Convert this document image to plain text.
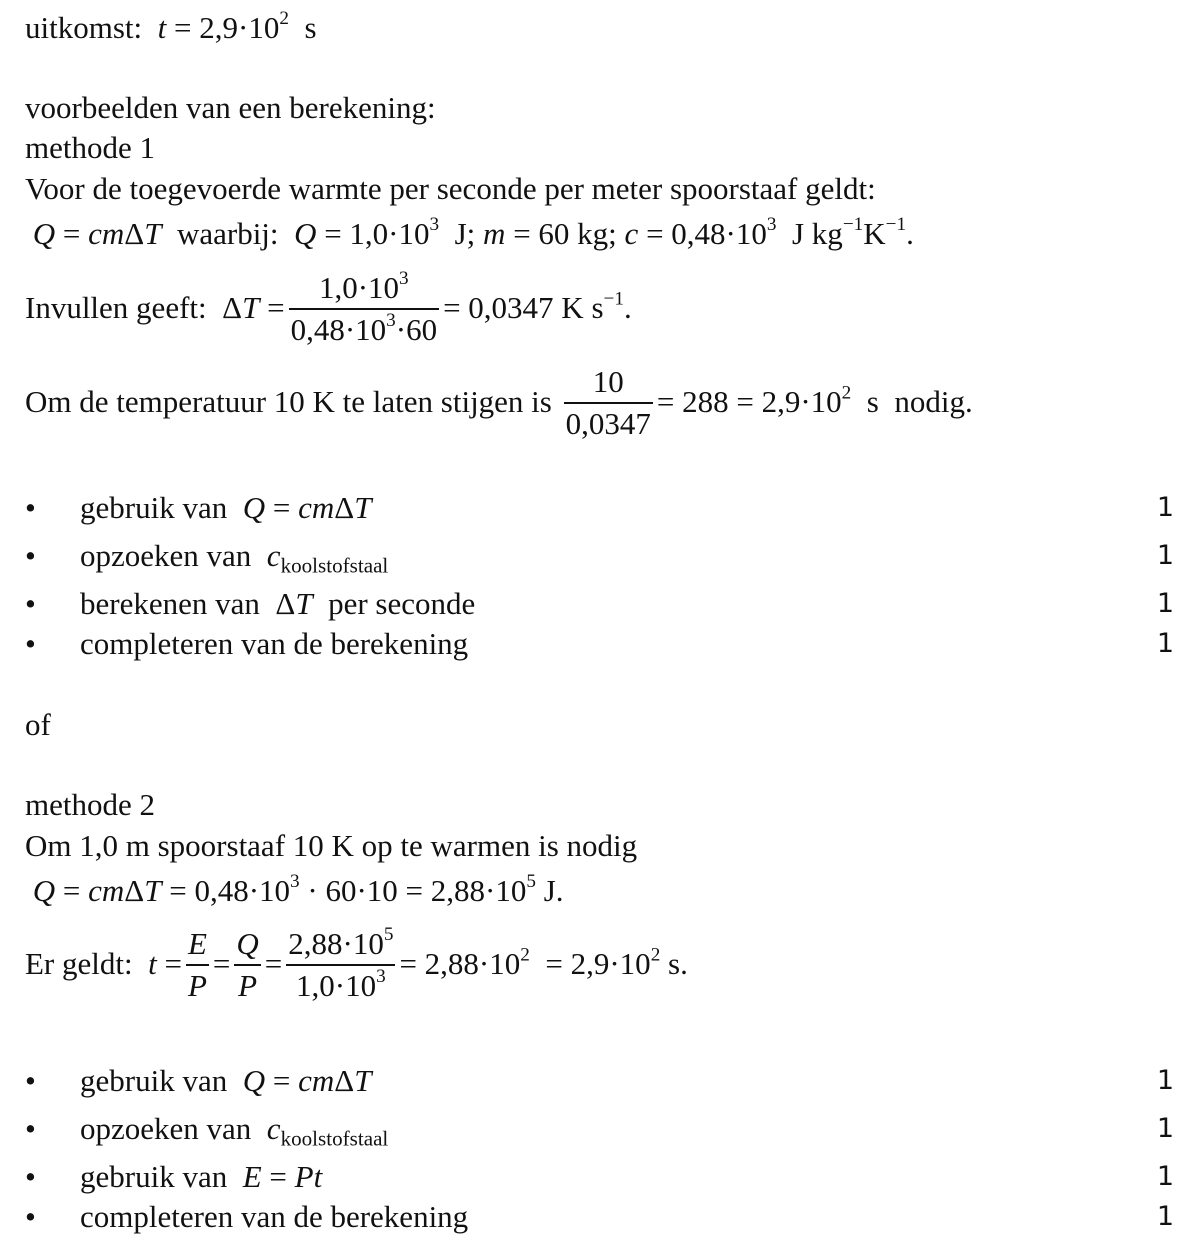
uitkomst: $t = 2,9\cdot 10^2$  s
voorbeelden van een berekening:
methode 1
Voor de toegevoerde warmte per seconde per meter spoorstaaf geldt:
Q = cmΔT  waarbij:  $Q = 1,0\cdot 10^3$  J; m = 60 kg; $c = 0,48\cdot 10^3$  J $kg^{-1}K^{-1}$.
Invullen geeft:  $\Delta T = \frac{1,0\cdot 10^3}{0,48\cdot 10^3\cdot 60} = 0,0347$ K $s^{-1}$.
Om de temperatuur 10 K te laten stijgen is $\frac{10}{0,0347} = 288 = 2,9\cdot 10^2$  s  nodig.
• gebruik van  Q = cmΔT	1
• opzoeken van  $c_{koolstofstaal}$	1
• berekenen van  ΔT  per seconde	1
• completeren van de berekening	1
of
methode 2
Om 1,0 m spoorstaaf 10 K op te warmen is nodig
$Q = cm\Delta T = 0,48\cdot 10^3 \cdot 60\cdot 10 = 2,88\cdot 10^5$ J.
Er geldt: $t = \frac{E}{P} = \frac{Q}{P} = \frac{2,88\cdot 10^5}{1,0\cdot 10^3} = 2,88\cdot 10^2 = 2,9\cdot 10^2$ s.
• gebruik van  Q = cmΔT	1
• opzoeken van  $c_{koolstofstaal}$	1
• gebruik van  E = Pt	1
• completeren van de berekening	1
